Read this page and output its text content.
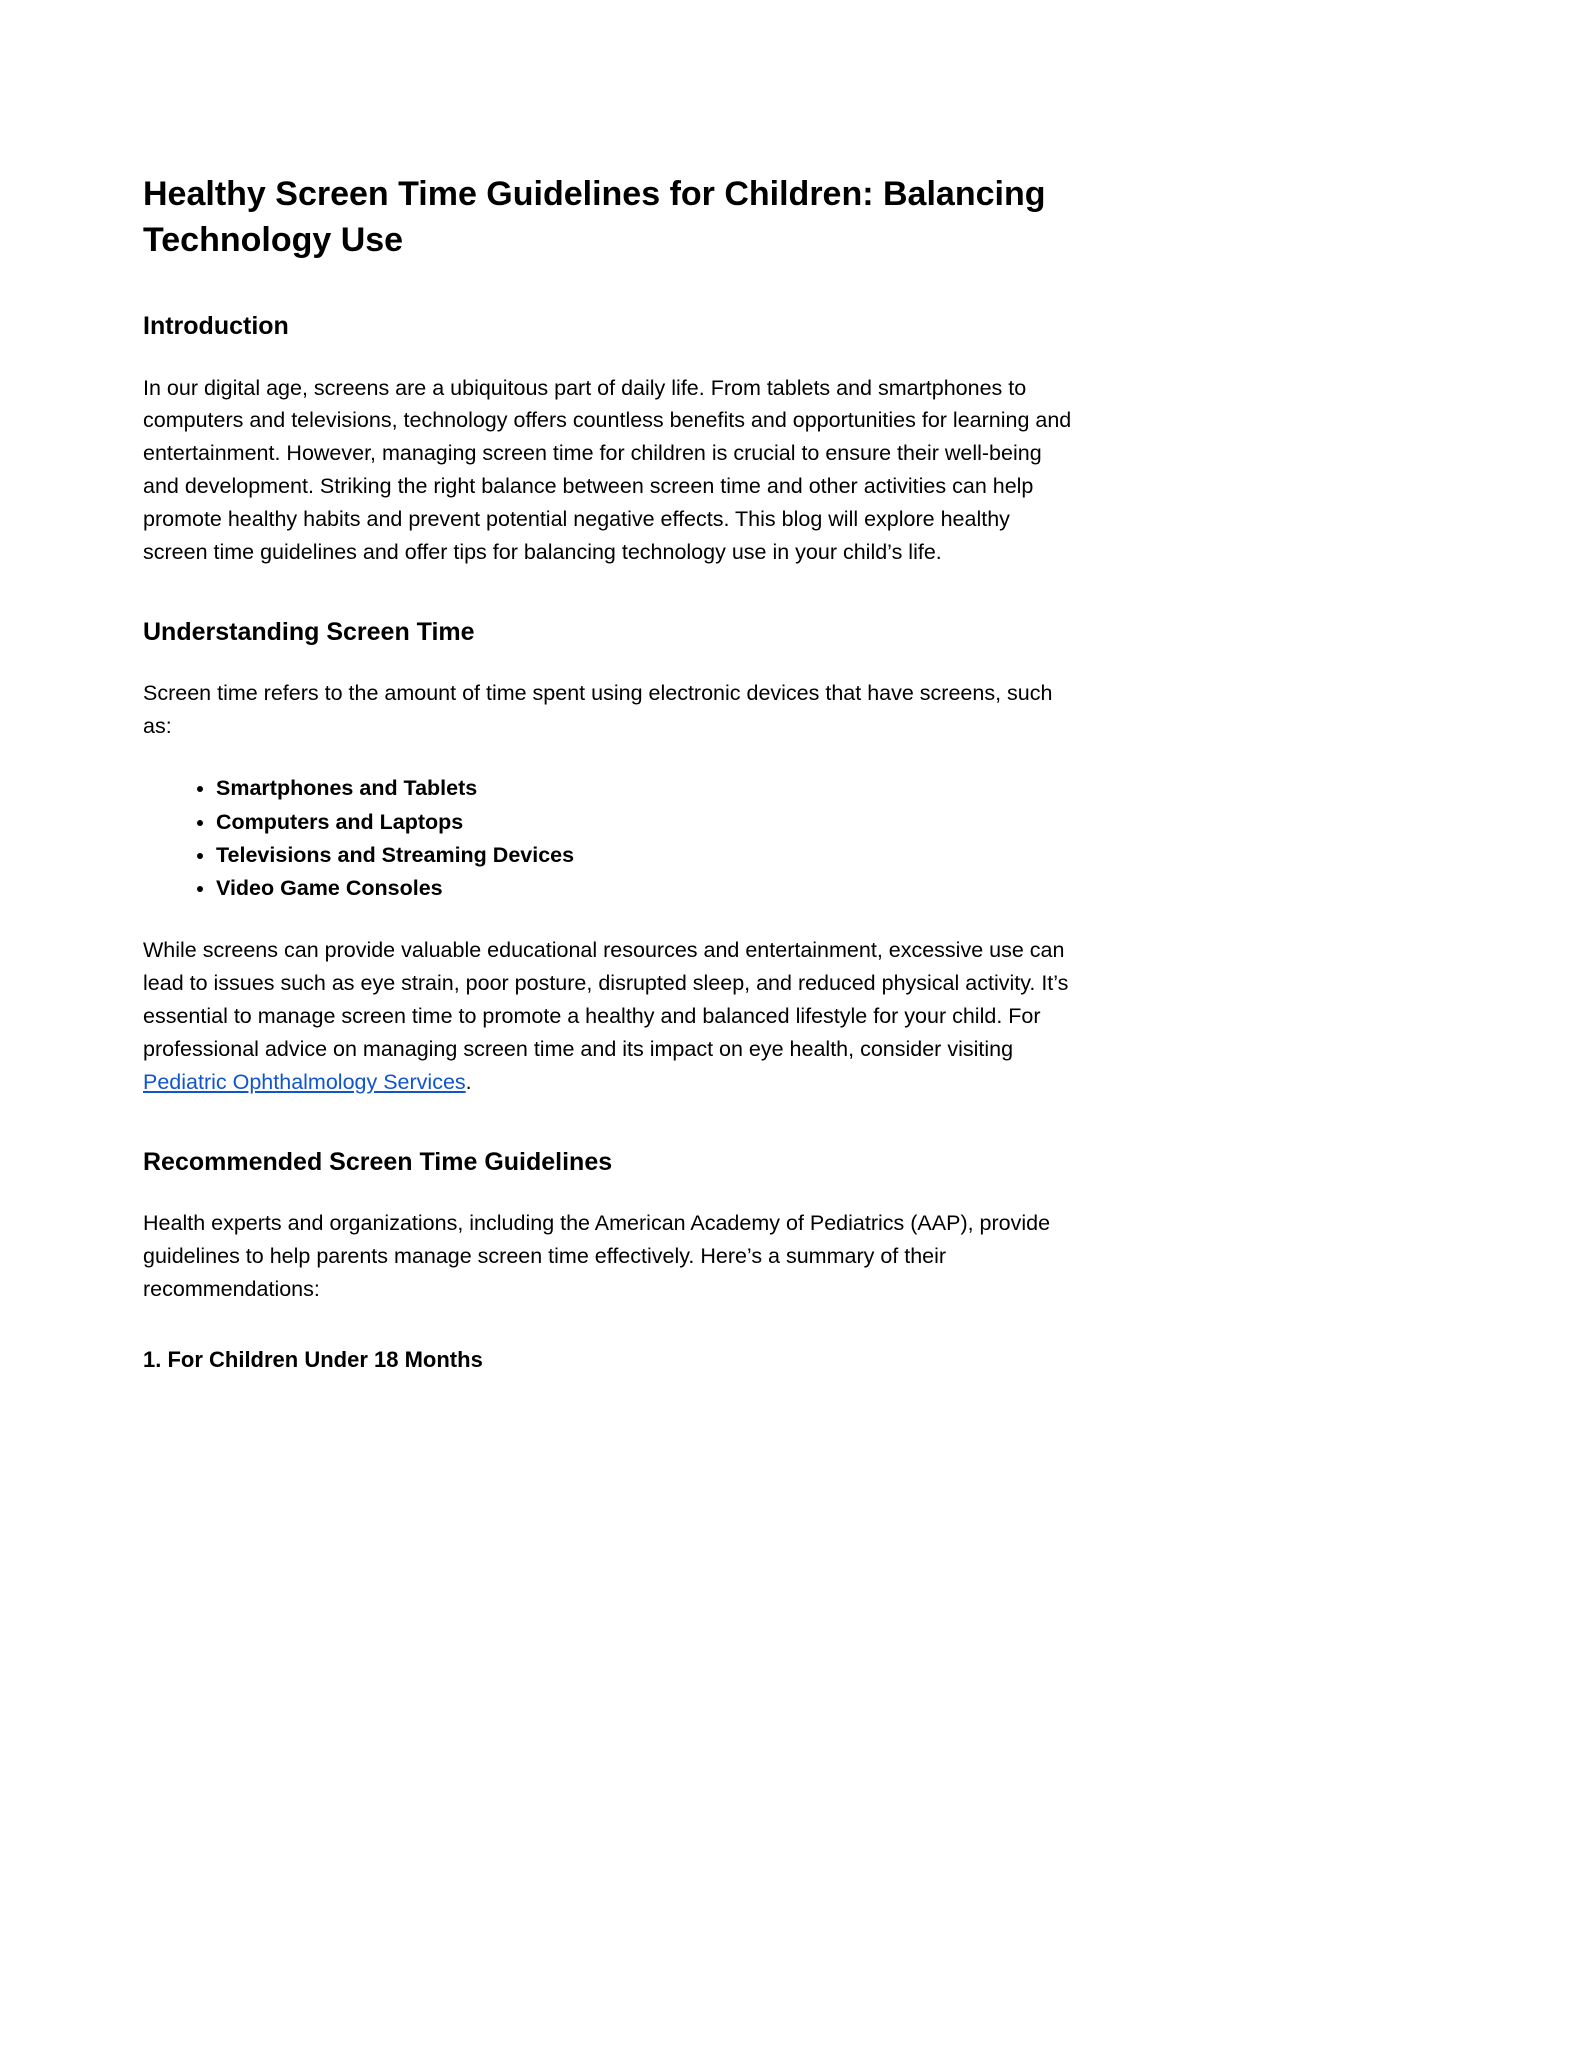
Healthy Screen Time Guidelines for Children: Balancing Technology Use
Introduction

In our digital age, screens are a ubiquitous part of daily life. From tablets and smartphones to computers and televisions, technology offers countless benefits and opportunities for learning and entertainment. However, managing screen time for children is crucial to ensure their well-being and development. Striking the right balance between screen time and other activities can help promote healthy habits and prevent potential negative effects. This blog will explore healthy screen time guidelines and offer tips for balancing technology use in your child’s life.

Understanding Screen Time

Screen time refers to the amount of time spent using electronic devices that have screens, such as:

• Smartphones and Tablets
• Computers and Laptops
• Televisions and Streaming Devices
• Video Game Consoles

While screens can provide valuable educational resources and entertainment, excessive use can lead to issues such as eye strain, poor posture, disrupted sleep, and reduced physical activity. It’s essential to manage screen time to promote a healthy and balanced lifestyle for your child. For professional advice on managing screen time and its impact on eye health, consider visiting Pediatric Ophthalmology Services.

Recommended Screen Time Guidelines

Health experts and organizations, including the American Academy of Pediatrics (AAP), provide guidelines to help parents manage screen time effectively. Here’s a summary of their recommendations:

1. For Children Under 18 Months
